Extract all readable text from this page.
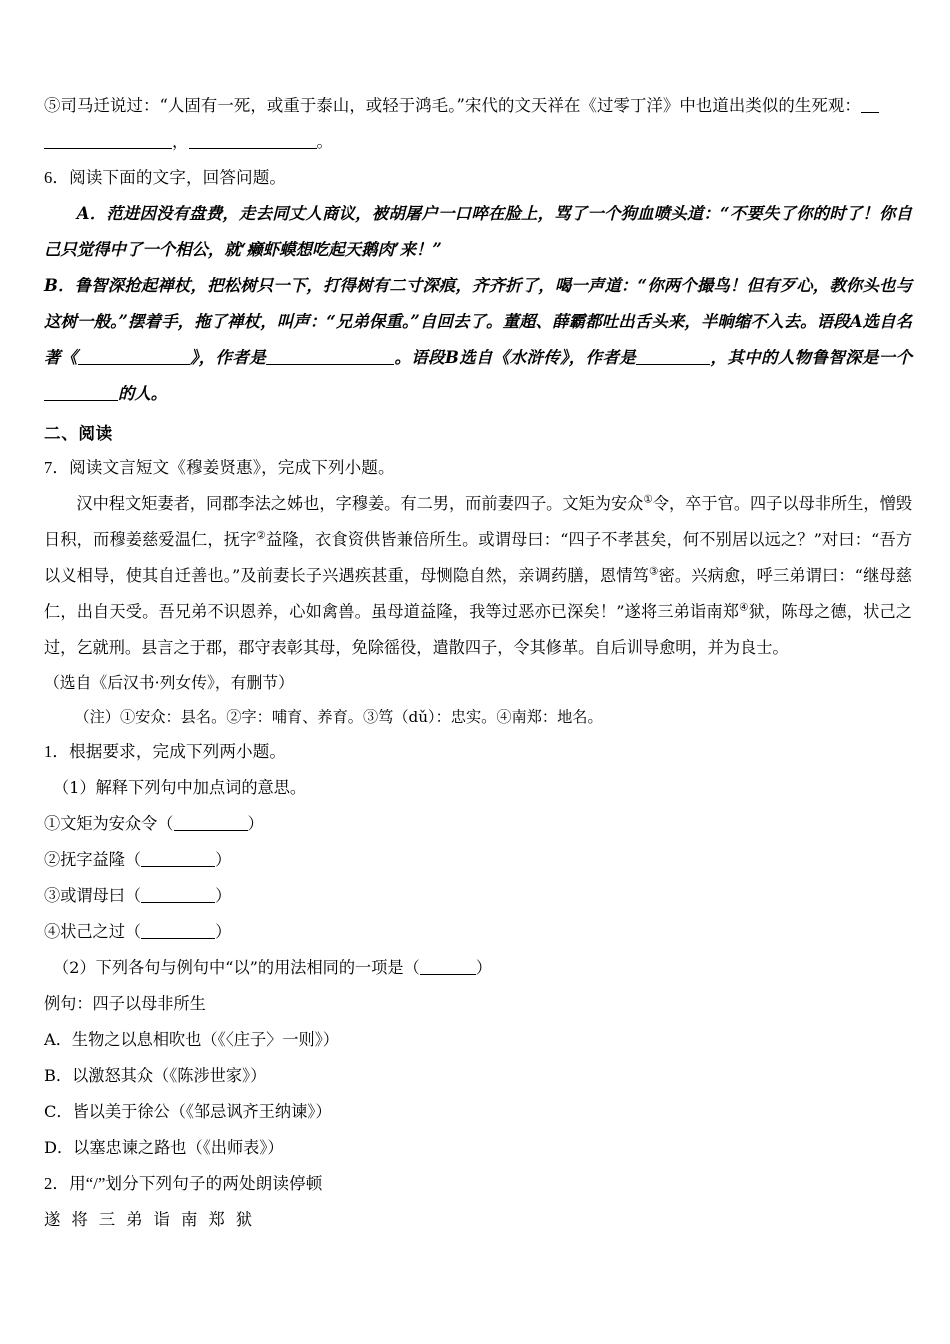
⑤司马迁说过：“人固有一死，或重于泰山，或轻于鸿毛。”宋代的文天祥在《过零丁洋》中也道出类似的生死观：
，	。
6．阅读下面的文字，回答问题。
A．范进因没有盘费，走去同丈人商议，被胡屠户一口啐在脸上，骂了一个狗血喷头道：“不要失了你的时了！你自己只觉得中了一个相公，就‘癞虾蟆想吃起天鹅肉’来！”
B．鲁智深抢起禅杖，把松树只一下，打得树有二寸深痕，齐齐折了，喝一声道：“你两个撮鸟！但有歹心，教你头也与这树一般。”摆着手，拖了禅杖，叫声：“兄弟保重。”自回去了。董超、薛霸都吐出舌头来，半晌缩不入去。语段A选自名著《	》，作者是	。语段B选自《水浒传》，作者是	，其中的人物鲁智深是一个的人。
二、阅读
7．阅读文言短文《穆姜贤惠》，完成下列小题。
汉中程文矩妻者，同郡李法之姊也，字穆姜。有二男，而前妻四子。文矩为安众①令，卒于官。四子以母非所生，憎毁日积，而穆姜慈爱温仁，抚字②益隆，衣食资供皆兼倍所生。或谓母曰：“四子不孝甚矣，何不别居以远之？”对曰：“吾方以义相导，使其自迁善也。”及前妻长子兴遇疾甚重，母恻隐自然，亲调药膳，恩情笃③密。兴病愈，呼三弟谓曰：“继母慈仁，出自天受。吾兄弟不识恩养，心如禽兽。虽母道益隆，我等过恶亦已深矣！”遂将三弟诣南郑④狱，陈母之德，状己之过，乞就刑。县言之于郡，郡守表彰其母，免除徭役，遣散四子，令其修革。自后训导愈明，并为良士。
（选自《后汉书·列女传》，有删节）
（注）①安众：县名。②字：哺育、养育。③笃（dǔ）：忠实。④南郑：地名。
1．根据要求，完成下列两小题。
（1）解释下列句中加点词的意思。
①文矩为安众令（	）
②抚字益隆（	）
③或谓母曰（	）
④状己之过（	）
（2）下列各句与例句中“以”的用法相同的一项是（	）
例句：四子以母非所生
A．生物之以息相吹也（《〈庄子〉一则》）
B．以激怒其众（《陈涉世家》）
C．皆以美于徐公（《邹忌讽齐王纳谏》）
D．以塞忠谏之路也（《出师表》）
2．用“/”划分下列句子的两处朗读停顿
遂将三弟诣南郑狱
